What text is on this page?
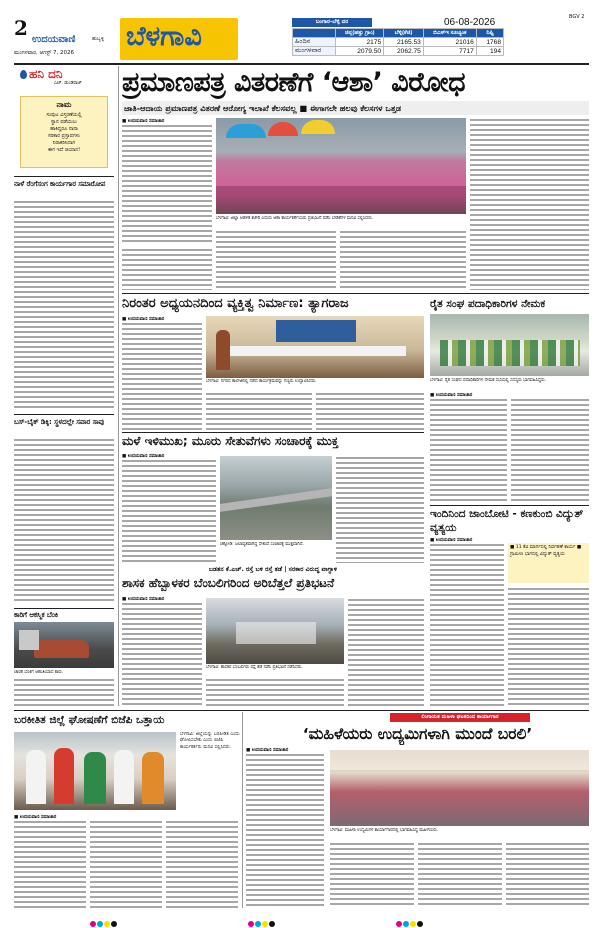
2 ಉದಯವಾಣಿ	ಹುಬ್ಬಳ್ಳಿ
ಮಂಗಳವಾರ, ಆಗಸ್ಟ್ 7, 2026
ಬೆಳಗಾವಿ	ಬಂಗಾರ-ಬೆಳ್ಳಿ ದರ	06-08-2026	BGV 2
	ಚಿನ್ನ(ಹತ್ತು ಗ್ರಾಂ)	ಬೆಳ್ಳಿ(ಕೆಜಿ)	ಬಿಎಸ್‌ಇ ಸೂಚ್ಯಂಕ	ನಿಫ್ಟಿ
ಹಿಂದಿನ	2175	2165.53	21016	1768
ಮಂಗಳವಾರ	2079.50	2062.75	7717	194
ಹನಿ ದನಿ
ಎಚ್. ಡುಂಡಿರಾಜ್
ನಾಮ
ಸಂಪುಟ ವಿಸ್ತರಣೆಯಲ್ಲಿ
ಸ್ಥಾನ ಪಡೆಯಲು
ಹಾಕಿದ್ದರೂ ನಾನಾ
ಸರಕಾರ ಪ್ರಸ್ತಾಪಗಳು
ನಿರಾಕರಿಸಿದಾಗ
ಈಗ ಇದೆ ಜಿಯಾನ!
ನಾಳೆ ರೆಂಗೆಸಂಗ ಕಾರ್ಯಗಾರ ಸಮಾರೋಪ
ಬಸ್-ಬೈಕ್ ಡಿಕ್ಕಿ: ಸ್ಥಳದಲ್ಲೇ ಸವಾರ ಸಾವು
ಕಾರಿಗೆ ಆಕಸ್ಮಿಕ ಬೆಂಕಿ
ಚಾರಕೆ ಬೆಂಕಿಗೆ ಆಹುತಿಯಾದ ಕಾರು.
ಪ್ರಮಾಣಪತ್ರ ವಿತರಣೆಗೆ ‘ಆಶಾ’ ವಿರೋಧ
ಜಾತಿ-ಆದಾಯ ಪ್ರಮಾಣಪತ್ರ ವಿತರಣೆ ಆರೋಗ್ಯ ಇಲಾಖೆ ಕೆಲಸವಲ್ಲ ■ ಈಗಾಗಲೇ ಹಲವು ಕೆಲಸಗಳ ಒತ್ತಡ
■ ಉದಯವಾಣಿ ಸಮಾಚಾರ
ಬೆಳಗಾವಿ: ಜಿಲ್ಲಾ ಆಡಳಿತ ಕಚೇರಿ ಎದುರು ಆಶಾ ಕಾರ್ಯಕರ್ತೆಯರು ಪ್ರತಿಭಟನೆ ನಡೆಸಿ ಬೇಡಿಕೆಗಳ ಮನವಿ ಸಲ್ಲಿಸಿದರು.
ನಿರಂತರ ಅಧ್ಯಯನದಿಂದ ವ್ಯಕ್ತಿತ್ವ ನಿರ್ಮಾಣ: ತ್ಯಾಗರಾಜ
■ ಉದಯವಾಣಿ ಸಮಾಚಾರ
ಬೆಳಗಾವಿ: ನಗರದ ಕಾಲೇಜಿನಲ್ಲಿ ನಡೆದ ಕಾರ್ಯಕ್ರಮವನ್ನು ಗಣ್ಯರು ಉದ್ಘಾಟಿಸಿದರು.
ರೈತ ಸಂಘ ಪದಾಧಿಕಾರಿಗಳ ನೇಮಕ
ಬೆಳಗಾವಿ: ರೈತ ಸಂಘದ ಪದಾಧಿಕಾರಿಗಳ ನೇಮಕ ಸಭೆಯಲ್ಲಿ ಸದಸ್ಯರು ಭಾಗವಹಿಸಿದ್ದರು.
■ ಉದಯವಾಣಿ ಸಮಾಚಾರ
ಮಳೆ ಇಳಿಮುಖ; ಮೂರು ಸೇತುವೆಗಳು ಸಂಚಾರಕ್ಕೆ ಮುಕ್ತ
■ ಉದಯವಾಣಿ ಸಮಾಚಾರ
ಚಿಕ್ಕೋಡಿ: ಜಲಾವೃತವಾಗಿದ್ದ ಸೇತುವೆ ಸಂಚಾರಕ್ಕೆ ಮುಕ್ತವಾಗಿದೆ.
ಇಂದಿನಿಂದ ಜಾಂಬೋಟಿ - ಕಣಕುಂಬಿ ವಿದ್ಯುತ್ ವ್ಯತ್ಯಯ
■ ಉದಯವಾಣಿ ಸಮಾಚಾರ
■ 11 ಕೆವಿ ಮಾರ್ಗದಲ್ಲಿ ನಿರ್ವಹಣೆ ಕಾರ್ಯ ■ ಗ್ರಾಮೀಣ ಭಾಗದಲ್ಲಿ ವಿದ್ಯುತ್ ವ್ಯತ್ಯಯ
ಬಡತನ ಕೆ.ಎಚ್. ರಸ್ತೆ ಬಳಿ ರಸ್ತೆ ತಡೆ | ಸರಕಾರ ವಿರುದ್ಧ ವಾಗ್ದಾಳಿ
ಶಾಸಕ ಹೆಬ್ಬಾಳಕರ ಬೆಂಬಲಿಗರಿಂದ ಅರಿಬೆತ್ತಲೆ ಪ್ರತಿಭಟನೆ
■ ಉದಯವಾಣಿ ಸಮಾಚಾರ
ಬೆಳಗಾವಿ: ಶಾಸಕರ ಬೆಂಬಲಿಗರು ರಸ್ತೆ ತಡೆ ನಡೆಸಿ ಪ್ರತಿಭಟನೆ ನಡೆಸಿದರು.
ಬರಕೀತಿತ ಜಿಲ್ಲೆ ಘೋಷಣೆಗೆ ಬಿಜೆಪಿ ಒತ್ತಾಯ
ಬೆಳಗಾವಿ: ಜಿಲ್ಲೆಯನ್ನು ಬರಪೀಡಿತ ಎಂದು ಘೋಷಿಸಬೇಕು ಎಂದು ಬಿಜೆಪಿ ಕಾರ್ಯಕರ್ತರು ಮನವಿ ಸಲ್ಲಿಸಿದರು.
■ ಉದಯವಾಣಿ ಸಮಾಚಾರ
ಲಿಂಗಾಯತ ಮಹಿಳಾ ಘಟಕದಿಂದ ಕಾರ್ಯಾಗಾರ
‘ಮಹಿಳೆಯರು ಉದ್ಯಮಿಗಳಾಗಿ ಮುಂದೆ ಬರಲಿ’
■ ಉದಯವಾಣಿ ಸಮಾಚಾರ
ಬೆಳಗಾವಿ: ಮಹಿಳಾ ಉದ್ಯಮಿಗಳ ಕಾರ್ಯಾಗಾರದಲ್ಲಿ ಭಾಗವಹಿಸಿದ್ದ ಮಹಿಳೆಯರು.
